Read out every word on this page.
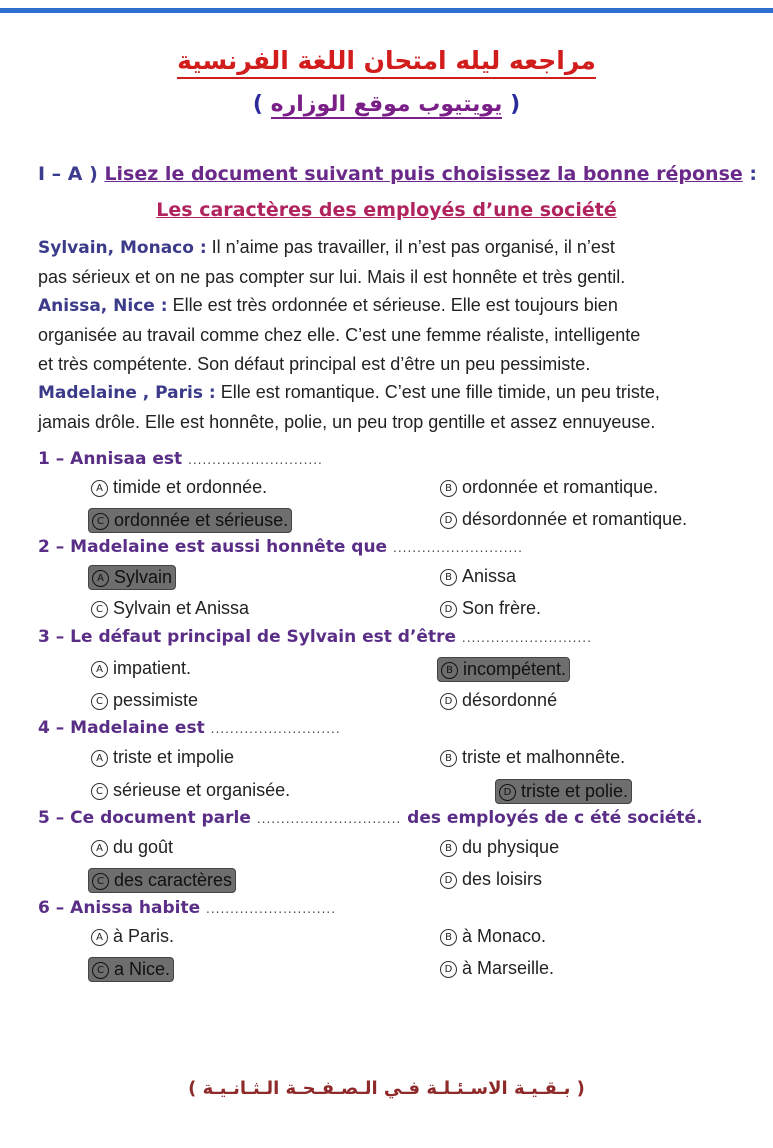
مراجعه ليله امتحان اللغة الفرنسية
( يويتيوب موقع الوزاره )
I – A ) Lisez le document suivant puis choisissez la bonne réponse :
Les caractères des employés d’une société
Sylvain, Monaco : Il n’aime pas travailler, il n’est pas organisé, il n’est
pas sérieux et on ne pas compter sur lui. Mais il est honnête et très gentil.
Anissa, Nice : Elle est très ordonnée et sérieuse. Elle est toujours bien
organisée au travail comme chez elle. C’est une femme réaliste, intelligente
et très compétente. Son défaut principal est d’être un peu pessimiste.
Madelaine , Paris : Elle est romantique. C’est une fille timide, un peu triste,
jamais drôle. Elle est honnête, polie, un peu trop gentille et assez ennuyeuse.
1 – Annisaa est ............................
A timide et ordonnée.	B ordonnée et romantique.
C ordonnée et sérieuse.	D désordonnée et romantique.
2 – Madelaine est aussi honnête que ...........................
A Sylvain	B Anissa
C Sylvain et Anissa	D Son frère.
3 – Le défaut principal de Sylvain est d’être ...........................
A impatient.	B incompétent.
C pessimiste	D désordonné
4 – Madelaine est ...........................
A triste et impolie	B triste et malhonnête.
C sérieuse et organisée.	D triste et polie.
5 – Ce document parle .............................. des employés de c été société.
A du goût	B du physique
C des caractères	D des loisirs
6 – Anissa habite ...........................
A à Paris.	B à Monaco.
C a Nice.	D à Marseille.
( بـقـيـة الاسـئـلـة فـي الـصـفـحـة الـثـانـيـة )
